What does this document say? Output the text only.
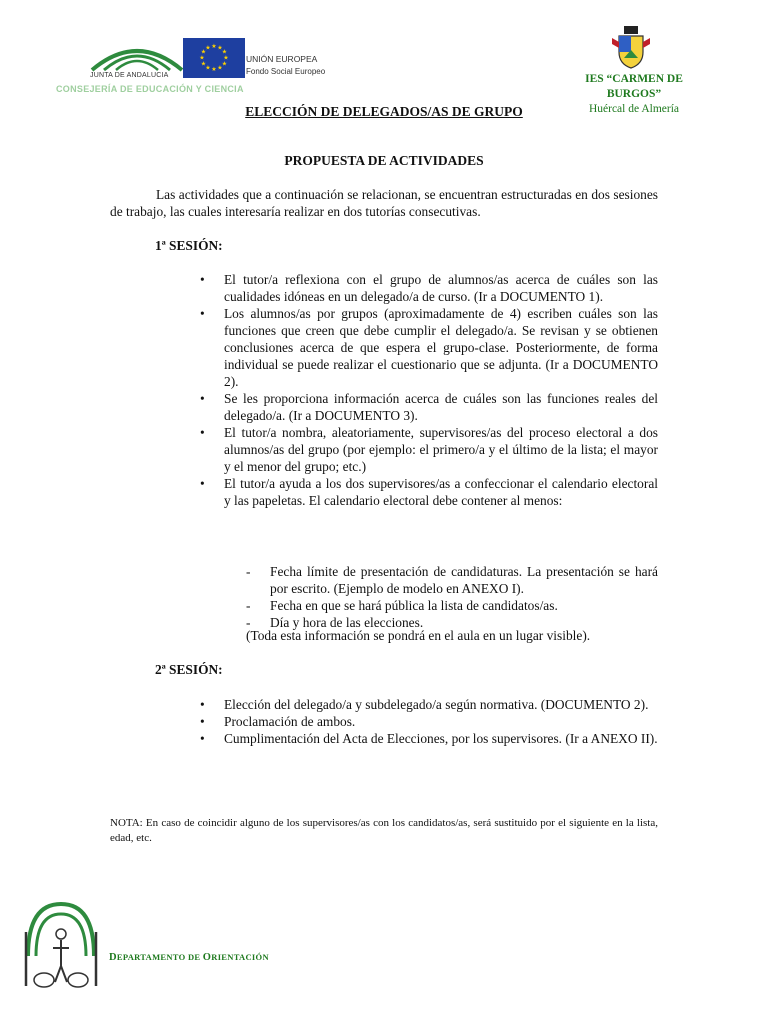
JUNTA DE ANDALUCIA
CONSEJERÍA DE EDUCACIÓN Y CIENCIA
★ ★
★
★
★
★
★
★
★
★
★
★
UNIÓN EUROPEA
Fondo Social Europeo
IES “CARMEN DE
BURGOS”
Huércal de Almería
ELECCIÓN DE DELEGADOS/AS DE GRUPO
PROPUESTA DE ACTIVIDADES
Las actividades que a continuación se relacionan, se encuentran estructuradas en dos sesiones de trabajo, las cuales interesaría realizar en dos tutorías consecutivas.
1ª SESIÓN:
• El tutor/a reflexiona con el grupo de alumnos/as acerca de cuáles son las cualidades idóneas en un delegado/a de curso. (Ir a DOCUMENTO 1).
• Los alumnos/as por grupos (aproximadamente de 4) escriben cuáles son las funciones que creen que debe cumplir el delegado/a. Se revisan y se obtienen conclusiones acerca de que espera el grupo-clase. Posteriormente, de forma individual se puede realizar el cuestionario que se adjunta. (Ir a DOCUMENTO 2).
• Se les proporciona información acerca de cuáles son las funciones reales del delegado/a. (Ir a DOCUMENTO 3).
• El tutor/a nombra, aleatoriamente, supervisores/as del proceso electoral a dos alumnos/as del grupo (por ejemplo: el primero/a y el último de la lista; el mayor y el menor del grupo; etc.)
• El tutor/a ayuda a los dos supervisores/as a confeccionar el calendario electoral y las papeletas. El calendario electoral debe contener al menos:
- Fecha límite de presentación de candidaturas. La presentación se hará por escrito. (Ejemplo de modelo en ANEXO I).
- Fecha en que se hará pública la lista de candidatos/as.
- Día y hora de las elecciones.
(Toda esta información se pondrá en el aula en un lugar visible).
2ª SESIÓN:
• Elección del delegado/a y subdelegado/a según normativa. (DOCUMENTO 2).
• Proclamación de ambos.
• Cumplimentación del Acta de Elecciones, por los supervisores. (Ir a ANEXO II).
NOTA: En caso de coincidir alguno de los supervisores/as con los candidatos/as, será sustituido por el siguiente en la lista, edad, etc.
DEPARTAMENTO DE ORIENTACIÓN
